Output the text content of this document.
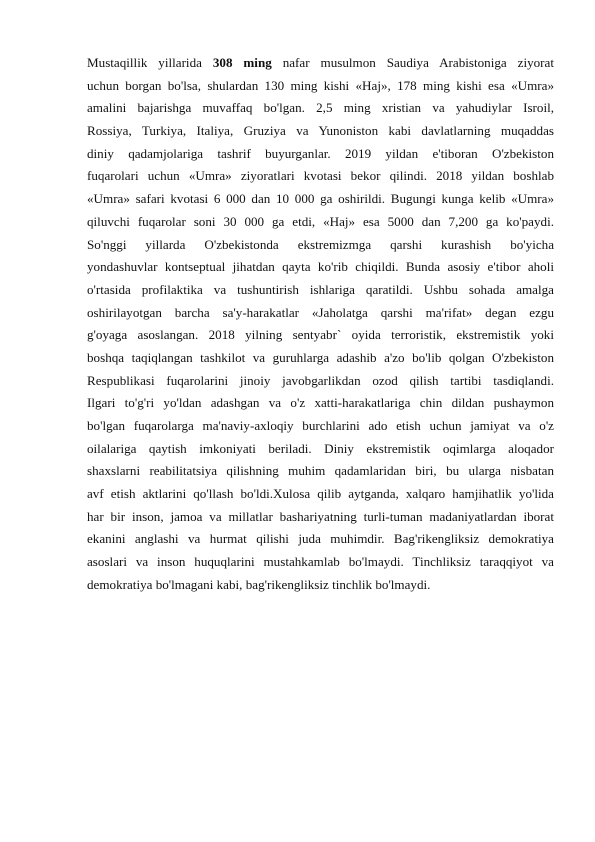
Mustaqillik yillarida 308 ming nafar musulmon Saudiya Arabistoniga ziyorat
uchun borgan bo'lsa, shulardan 130 ming kishi «Haj», 178 ming kishi esa «Umra»
amalini bajarishga muvaffaq bo'lgan. 2,5 ming xristian va yahudiylar Isroil,
Rossiya, Turkiya, Italiya, Gruziya va Yunoniston kabi davlatlarning muqaddas
diniy qadamjolariga tashrif buyurganlar. 2019 yildan e'tiboran O'zbekiston
fuqarolari uchun «Umra» ziyoratlari kvotasi bekor qilindi. 2018 yildan boshlab
«Umra» safari kvotasi 6 000 dan 10 000 ga oshirildi. Bugungi kunga kelib «Umra»
qiluvchi fuqarolar soni 30 000 ga etdi, «Haj» esa 5000 dan 7,200 ga ko'paydi.
So'nggi yillarda O'zbekistonda ekstremizmga qarshi kurashish bo'yicha
yondashuvlar kontseptual jihatdan qayta ko'rib chiqildi. Bunda asosiy e'tibor aholi
o'rtasida profilaktika va tushuntirish ishlariga qaratildi. Ushbu sohada amalga
oshirilayotgan barcha sa'y-harakatlar «Jaholatga qarshi ma'rifat» degan ezgu
g'oyaga asoslangan. 2018 yilning sentyabr` oyida terroristik, ekstremistik yoki
boshqa taqiqlangan tashkilot va guruhlarga adashib a'zo bo'lib qolgan O'zbekiston
Respublikasi fuqarolarini jinoiy javobgarlikdan ozod qilish tartibi tasdiqlandi.
Ilgari to'g'ri yo'ldan adashgan va o'z xatti-harakatlariga chin dildan pushaymon
bo'lgan fuqarolarga ma'naviy-axloqiy burchlarini ado etish uchun jamiyat va o'z
oilalariga qaytish imkoniyati beriladi. Diniy ekstremistik oqimlarga aloqador
shaxslarni reabilitatsiya qilishning muhim qadamlaridan biri, bu ularga nisbatan
avf etish aktlarini qo'llash bo'ldi.Xulosa qilib aytganda, xalqaro hamjihatlik yo'lida
har bir inson, jamoa va millatlar bashariyatning turli-tuman madaniyatlardan iborat
ekanini anglashi va hurmat qilishi juda muhimdir. Bag'rikengliksiz demokratiya
asoslari va inson huquqlarini mustahkamlab bo'lmaydi. Tinchliksiz taraqqiyot va
demokratiya bo'lmagani kabi, bag'rikengliksiz tinchlik bo'lmaydi.
